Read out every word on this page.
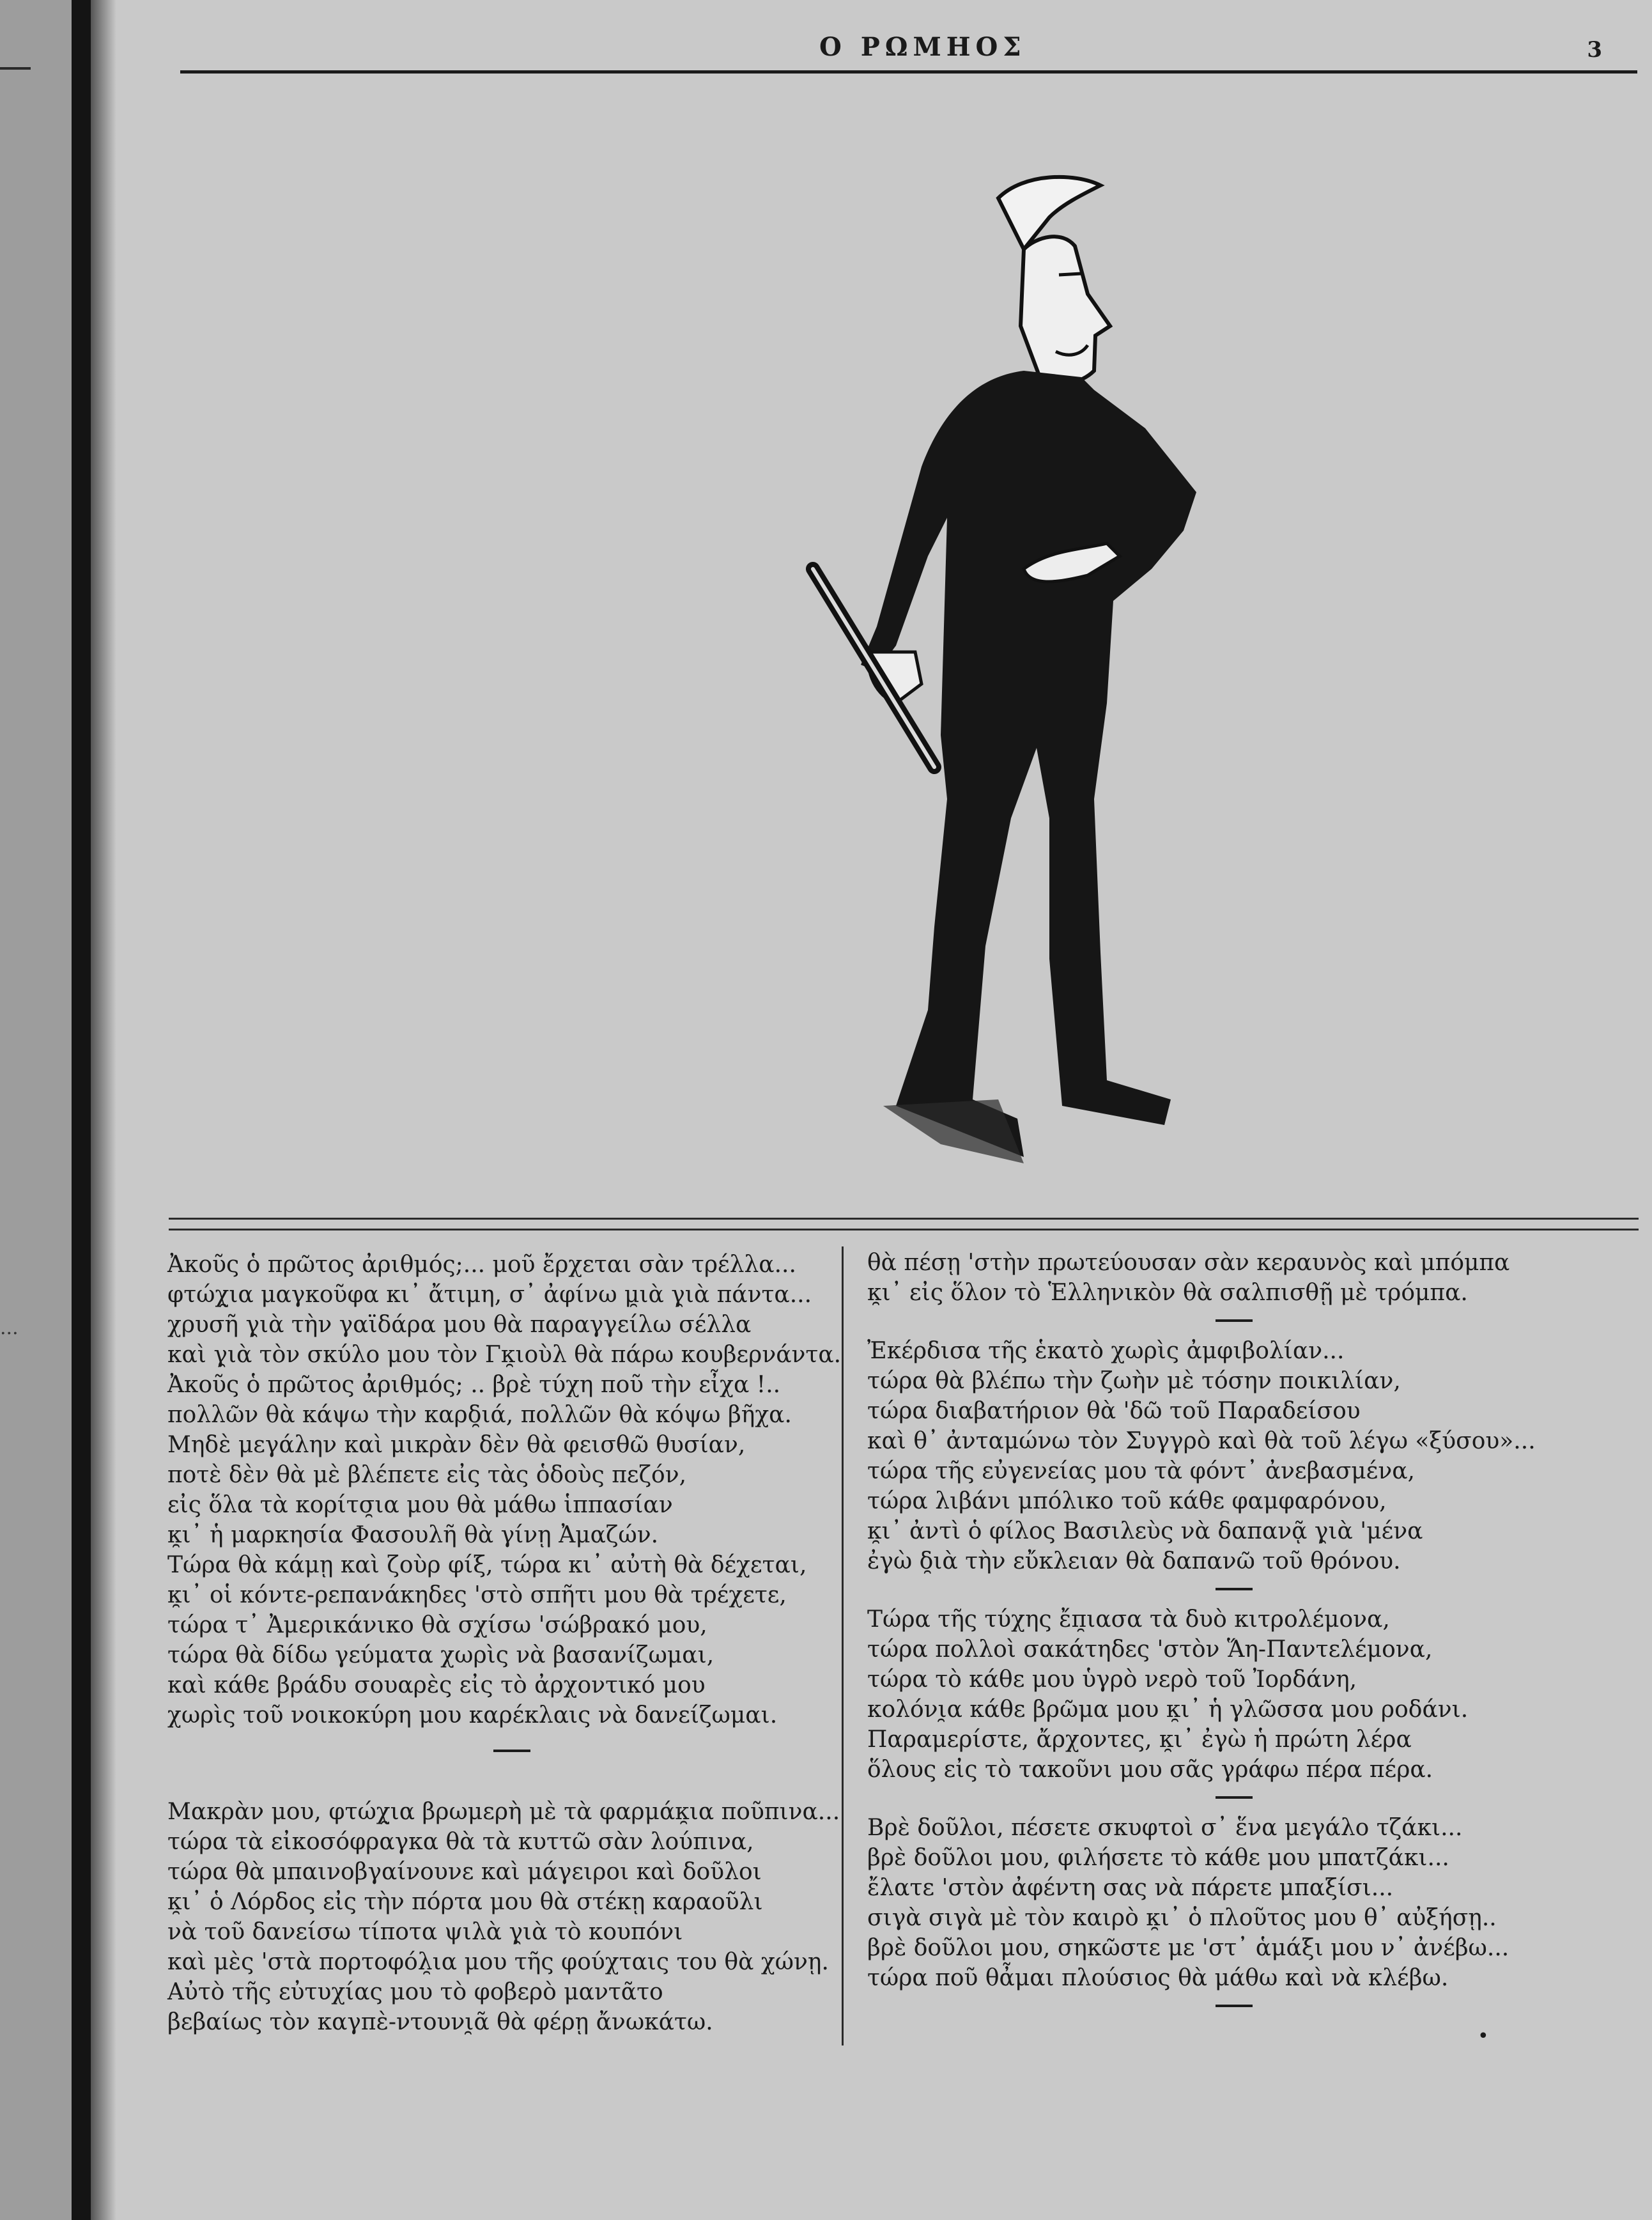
...
Ο ΡΩΜΗΟΣ	3
Ἀκοῦς ὁ πρῶτος ἀριθμός;... μοῦ ἔρχεται σὰν τρέλλα...
φτώχ̯ια μαγκοῦφα κι᾽ ἄτιμη, σ᾽ ἀφίνω μ̯ιὰ γ̯ιὰ πάντα...
χρυσῆ γ̯ιὰ τὴν γαϊδάρα μου θὰ παραγγείλω σέλλα
καὶ γ̯ιὰ τὸν σκύλο μου τὸν Γκ̯ιοὺλ θὰ πάρω κουβερνάντα.
Ἀκοῦς ὁ πρῶτος ἀριθμός; .. βρὲ τύχη ποῦ τὴν εἶχα !..
πολλῶν θὰ κάψω τὴν καρδ̯ιά, πολλῶν θὰ κόψω βῆχα.
Μηδὲ μεγάλην καὶ μικρὰν δὲν θὰ φεισθῶ θυσίαν,
ποτὲ δὲν θὰ μὲ βλέπετε εἰς τὰς ὁδοὺς πεζόν,
εἰς ὅλα τὰ κορίτσ̯ια μου θὰ μάθω ἱππασίαν
κ̯ι᾽ ἡ μαρκησία Φασουλῆ θὰ γίνῃ Ἀμαζών.
Τώρα θὰ κάμῃ καὶ ζοὺρ φίξ, τώρα κι᾽ αὐτὴ θὰ δέχεται,
κ̯ι᾽ οἱ κόντε-ρεπανάκηδες 'στὸ σπῆτι μου θὰ τρέχετε,
τώρα τ᾽ Ἀμερικάνικο θὰ σχίσω 'σώβρακό μου,
τώρα θὰ δίδω γεύματα χωρὶς νὰ βασανίζωμαι,
καὶ κάθε βράδυ σουαρὲς εἰς τὸ ἀρχοντικό μου
χωρὶς τοῦ νοικοκύρη μου καρέκλαις νὰ δανείζωμαι.
Μακρὰν μου, φτώχ̯ια βρωμερὴ μὲ τὰ φαρμάκ̯ια ποῦπινα...
τώρα τὰ εἰκοσόφραγκα θὰ τὰ κυττῶ σὰν λούπινα,
τώρα θὰ μπαινοβγαίνουνε καὶ μάγειροι καὶ δοῦλοι
κ̯ι᾽ ὁ Λόρδος εἰς τὴν πόρτα μου θὰ στέκῃ καραοῦλι
νὰ τοῦ δανείσω τίποτα ψιλὰ γ̯ιὰ τὸ κουπόνι
καὶ μὲς 'στὰ πορτοφόλ̯ια μου τῆς φούχταις του θὰ χώνῃ.
Αὐτὸ τῆς εὐτυχίας μου τὸ φοβερὸ μαντᾶτο
βεβαίως τὸν καγπὲ-ντουνι̯ᾶ θὰ φέρῃ ἄνωκάτω.
θὰ πέσῃ 'στὴν πρωτεύουσαν σὰν κεραυνὸς καὶ μπόμπα
κ̯ι᾽ εἰς ὅλον τὸ Ἑλληνικὸν θὰ σαλπισθῇ μὲ τρόμπα.
Ἐκέρδισα τῆς ἑκατὸ χωρὶς ἀμφιβολίαν...
τώρα θὰ βλέπω τὴν ζωὴν μὲ τόσην ποικιλίαν,
τώρα διαβατήριον θὰ 'δῶ τοῦ Παραδείσου
καὶ θ᾽ ἀνταμώνω τὸν Συγγρὸ καὶ θὰ τοῦ λέγω «ξύσου»...
τώρα τῆς εὐγενείας μου τὰ φόντ᾽ ἀνεβασμένα,
τώρα λιβάνι μπόλικο τοῦ κάθε φαμφαρόνου,
κ̯ι᾽ ἀντὶ ὁ φίλος Βασιλεὺς νὰ δαπανᾷ γ̯ιὰ 'μένα
ἐγὼ δ̯ιὰ τὴν εὔκλειαν θὰ δαπανῶ τοῦ θρόνου.
Τώρα τῆς τύχης ἔπ̯ιασα τὰ δυὸ κιτρολέμονα,
τώρα πολλοὶ σακάτηδες 'στὸν Ἅη-Παντελέμονα,
τώρα τὸ κάθε μου ὑγρὸ νερὸ τοῦ Ἰορδάνη,
κολόνι̯α κάθε βρῶμα μου κ̯ι᾽ ἡ γλῶσσα μου ροδάνι.
Παραμερίστε, ἄρχοντες, κ̯ι᾽ ἐγὼ ἡ πρώτη λέρα
ὅλους εἰς τὸ τακοῦνι μου σᾶς γράφω πέρα πέρα.
Βρὲ δοῦλοι, πέσετε σκυφτοὶ σ᾽ ἕνα μεγάλο τζάκι...
βρὲ δοῦλοι μου, φιλήσετε τὸ κάθε μου μπατζάκι...
ἔλατε 'στὸν ἀφέντη σας νὰ πάρετε μπαξίσι...
σιγὰ σιγὰ μὲ τὸν καιρὸ κ̯ι᾽ ὁ πλοῦτος μου θ᾽ αὐξήσῃ..
βρὲ δοῦλοι μου, σηκῶστε με 'στ᾽ ἁμάξι μου ν᾽ ἀνέβω...
τώρα ποῦ θἆμαι πλούσιος θὰ μάθω καὶ νὰ κλέβω.
•
